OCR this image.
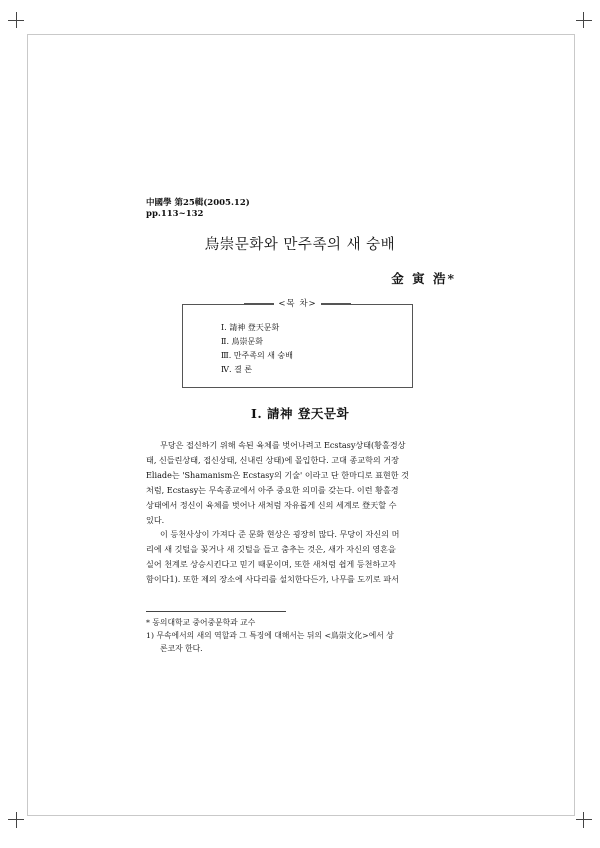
中國學 第25輯(2005.12)
pp.113~132
鳥崇문화와 만주족의 새 숭배
金 寅 浩*
<목 차>
Ⅰ. 請神 登天문화
Ⅱ. 鳥崇문화
Ⅲ. 만주족의 새 숭배
Ⅳ. 결 론
Ⅰ. 請神 登天문화
무당은 접신하기 위해 속된 육체를 벗어나려고 Ecstasy상태(황홀경상
태, 신들린상태, 접신상태, 신내린 상태)에 몰입한다. 고대 종교학의 거장
Eliade는 'Shamanism은 Ecstasy의 기술' 이라고 단 한마디로 표현한 것
처럼, Ecstasy는 무속종교에서 아주 중요한 의미를 갖는다. 이런 황홀경
상태에서 정신이 육체를 벗어나 새처럼 자유롭게 신의 세계로 登天할 수
있다.
이 등천사상이 가져다 준 문화 현상은 굉장히 많다. 무당이 자신의 머
리에 새 깃털을 꽂거나 새 깃털을 들고 춤추는 것은, 새가 자신의 영혼을
실어 천계로 상승시킨다고 믿기 때문이며, 또한 새처럼 쉽게 등천하고자
함이다1). 또한 제의 장소에 사다리를 설치한다든가, 나무를 도끼로 파서
* 동의대학교 중어중문학과 교수
1) 무속에서의 새의 역할과 그 특징에 대해서는 뒤의 <鳥崇文化>에서 상
론코자 한다.
